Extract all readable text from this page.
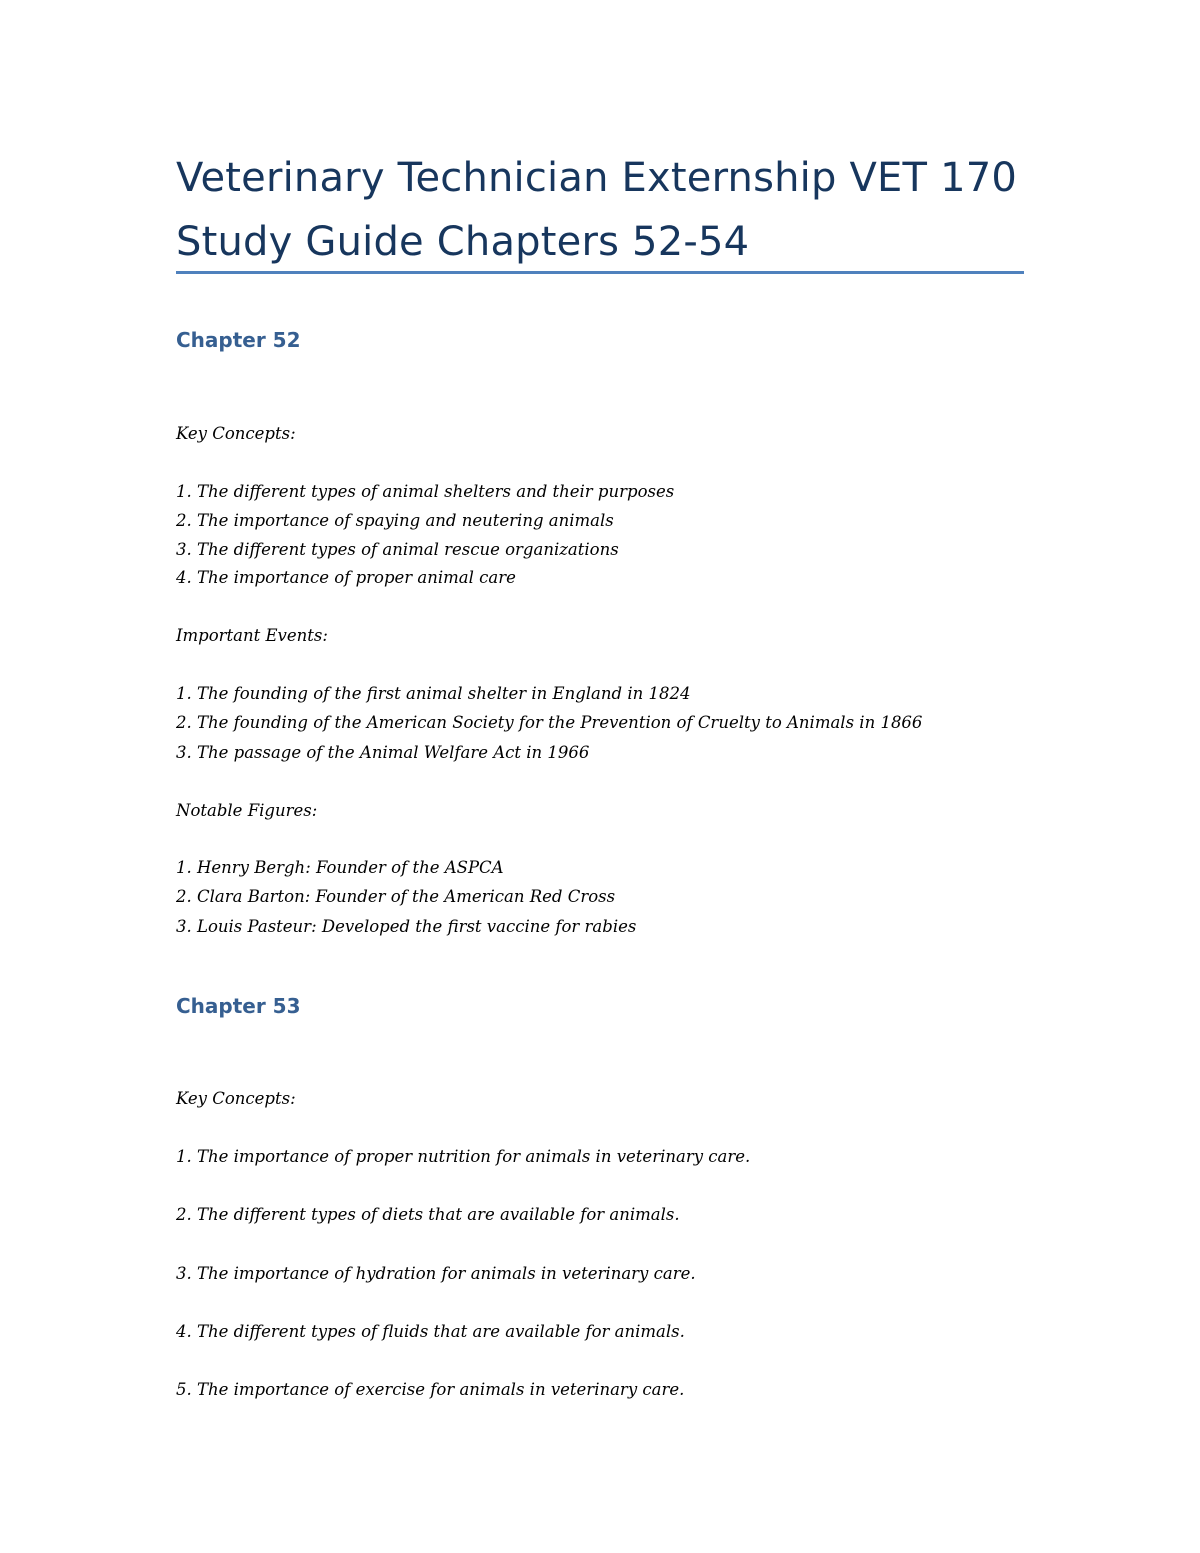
Veterinary Technician Externship VET 170 Study Guide Chapters 52-54
Chapter 52

Key Concepts:

1. The different types of animal shelters and their purposes

2. The importance of spaying and neutering animals

3. The different types of animal rescue organizations

4. The importance of proper animal care

Important Events:

1. The founding of the first animal shelter in England in 1824

2. The founding of the American Society for the Prevention of Cruelty to Animals in 1866

3. The passage of the Animal Welfare Act in 1966

Notable Figures:

1. Henry Bergh: Founder of the ASPCA

2. Clara Barton: Founder of the American Red Cross

3. Louis Pasteur: Developed the first vaccine for rabies

Chapter 53

Key Concepts:

1. The importance of proper nutrition for animals in veterinary care.

2. The different types of diets that are available for animals.

3. The importance of hydration for animals in veterinary care.

4. The different types of fluids that are available for animals.

5. The importance of exercise for animals in veterinary care.
